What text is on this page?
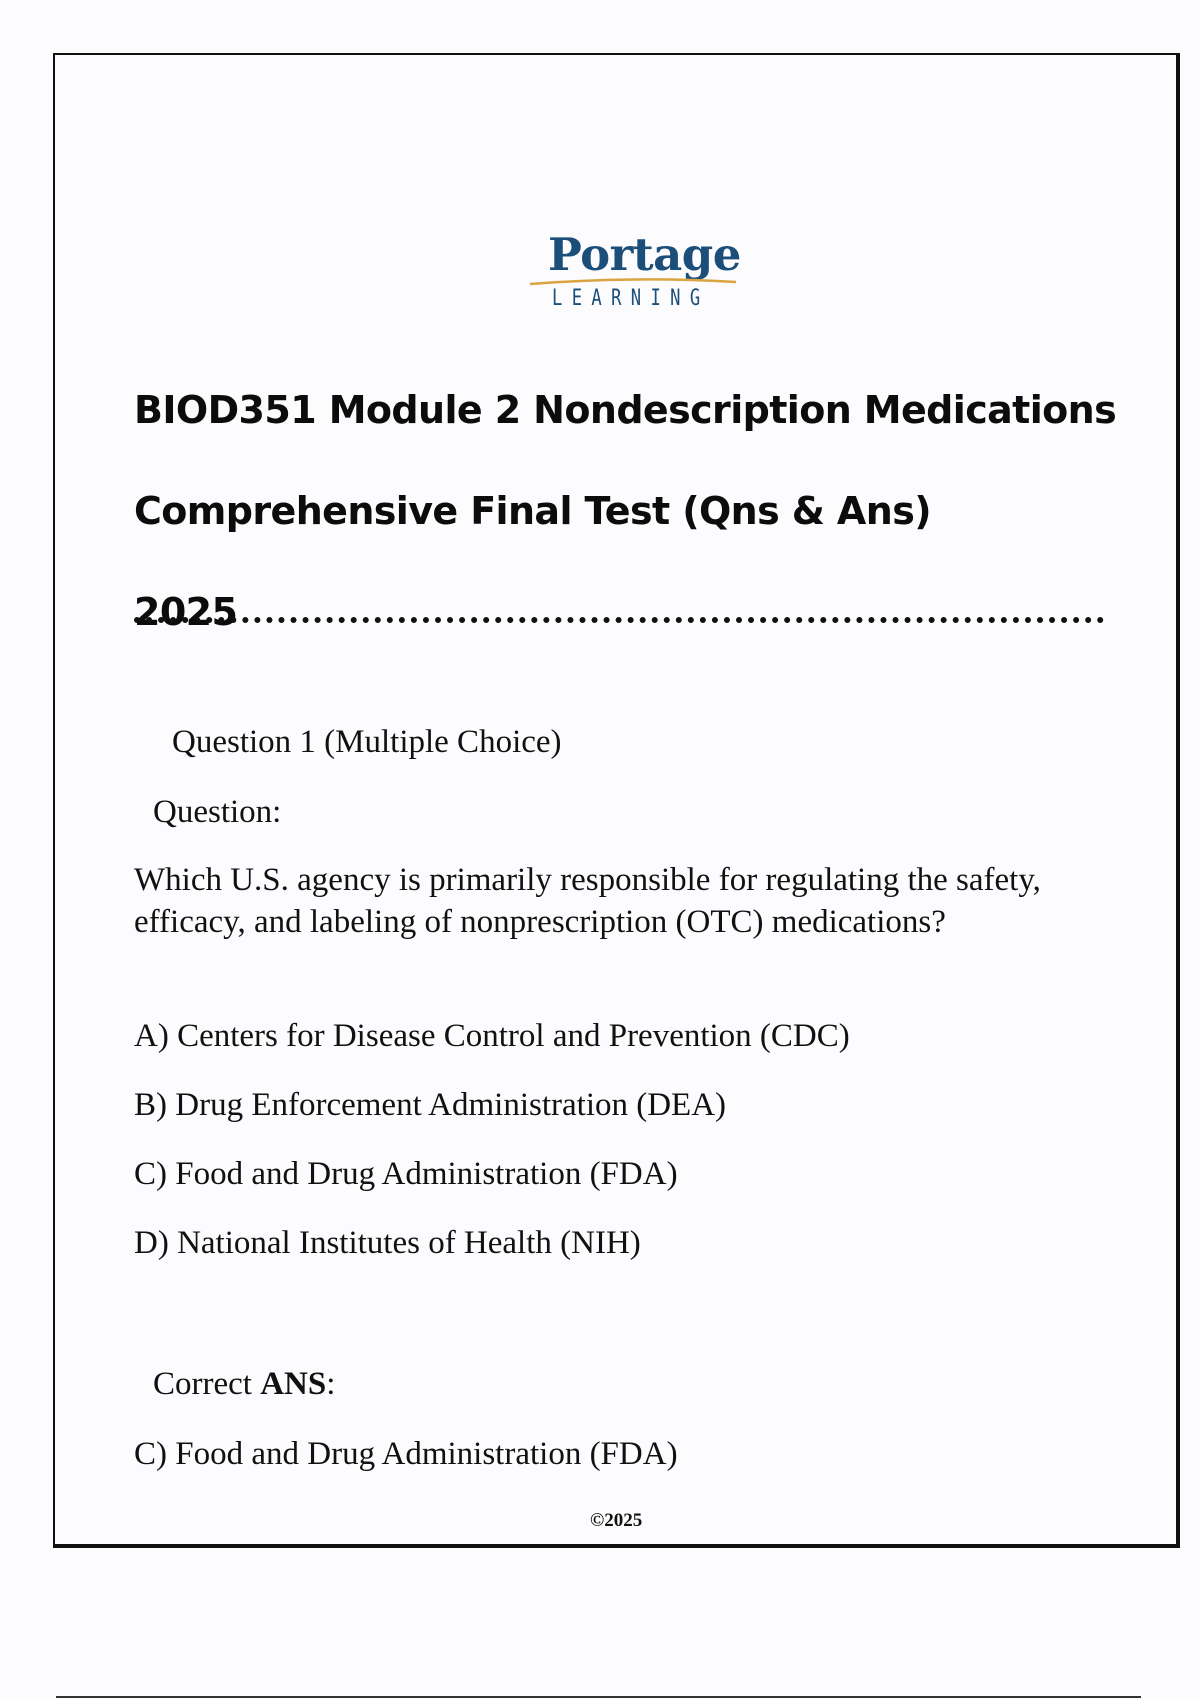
Portage
LEARNING
BIOD351 Module 2 Nondescription Medications
Comprehensive Final Test (Qns & Ans)
2025
Question 1 (Multiple Choice)
Question:
Which U.S. agency is primarily responsible for regulating the safety, efficacy, and labeling of nonprescription (OTC) medications?
A) Centers for Disease Control and Prevention (CDC)
B) Drug Enforcement Administration (DEA)
C) Food and Drug Administration (FDA)
D) National Institutes of Health (NIH)
Correct ANS:
C) Food and Drug Administration (FDA)
©2025
